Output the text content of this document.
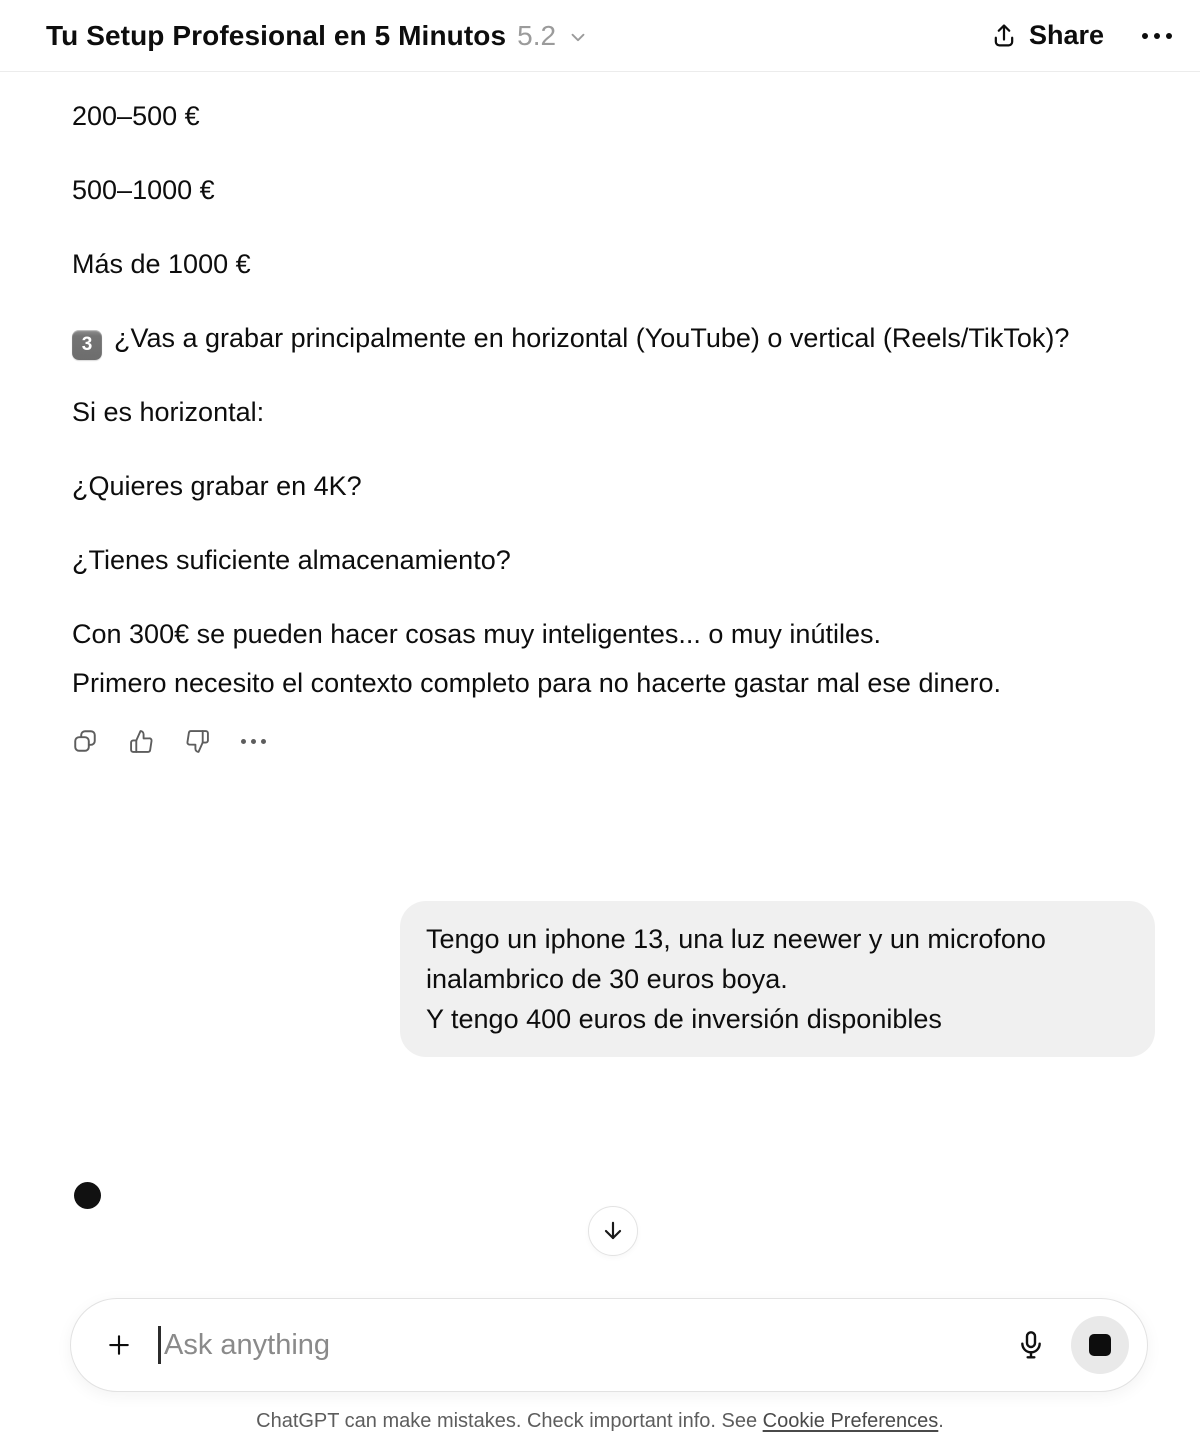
Tu Setup Profesional en 5 Minutos 5.2	Share

200–500 €

500–1000 €

Más de 1000 €

3 ¿Vas a grabar principalmente en horizontal (YouTube) o vertical (Reels/TikTok)?

Si es horizontal:

¿Quieres grabar en 4K?

¿Tienes suficiente almacenamiento?

Con 300€ se pueden hacer cosas muy inteligentes... o muy inútiles.
Primero necesito el contexto completo para no hacerte gastar mal ese dinero.

Tengo un iphone 13, una luz neewer y un microfono
inalambrico de 30 euros boya.
Y tengo 400 euros de inversión disponibles
Ask anything
ChatGPT can make mistakes. Check important info. See Cookie Preferences.
